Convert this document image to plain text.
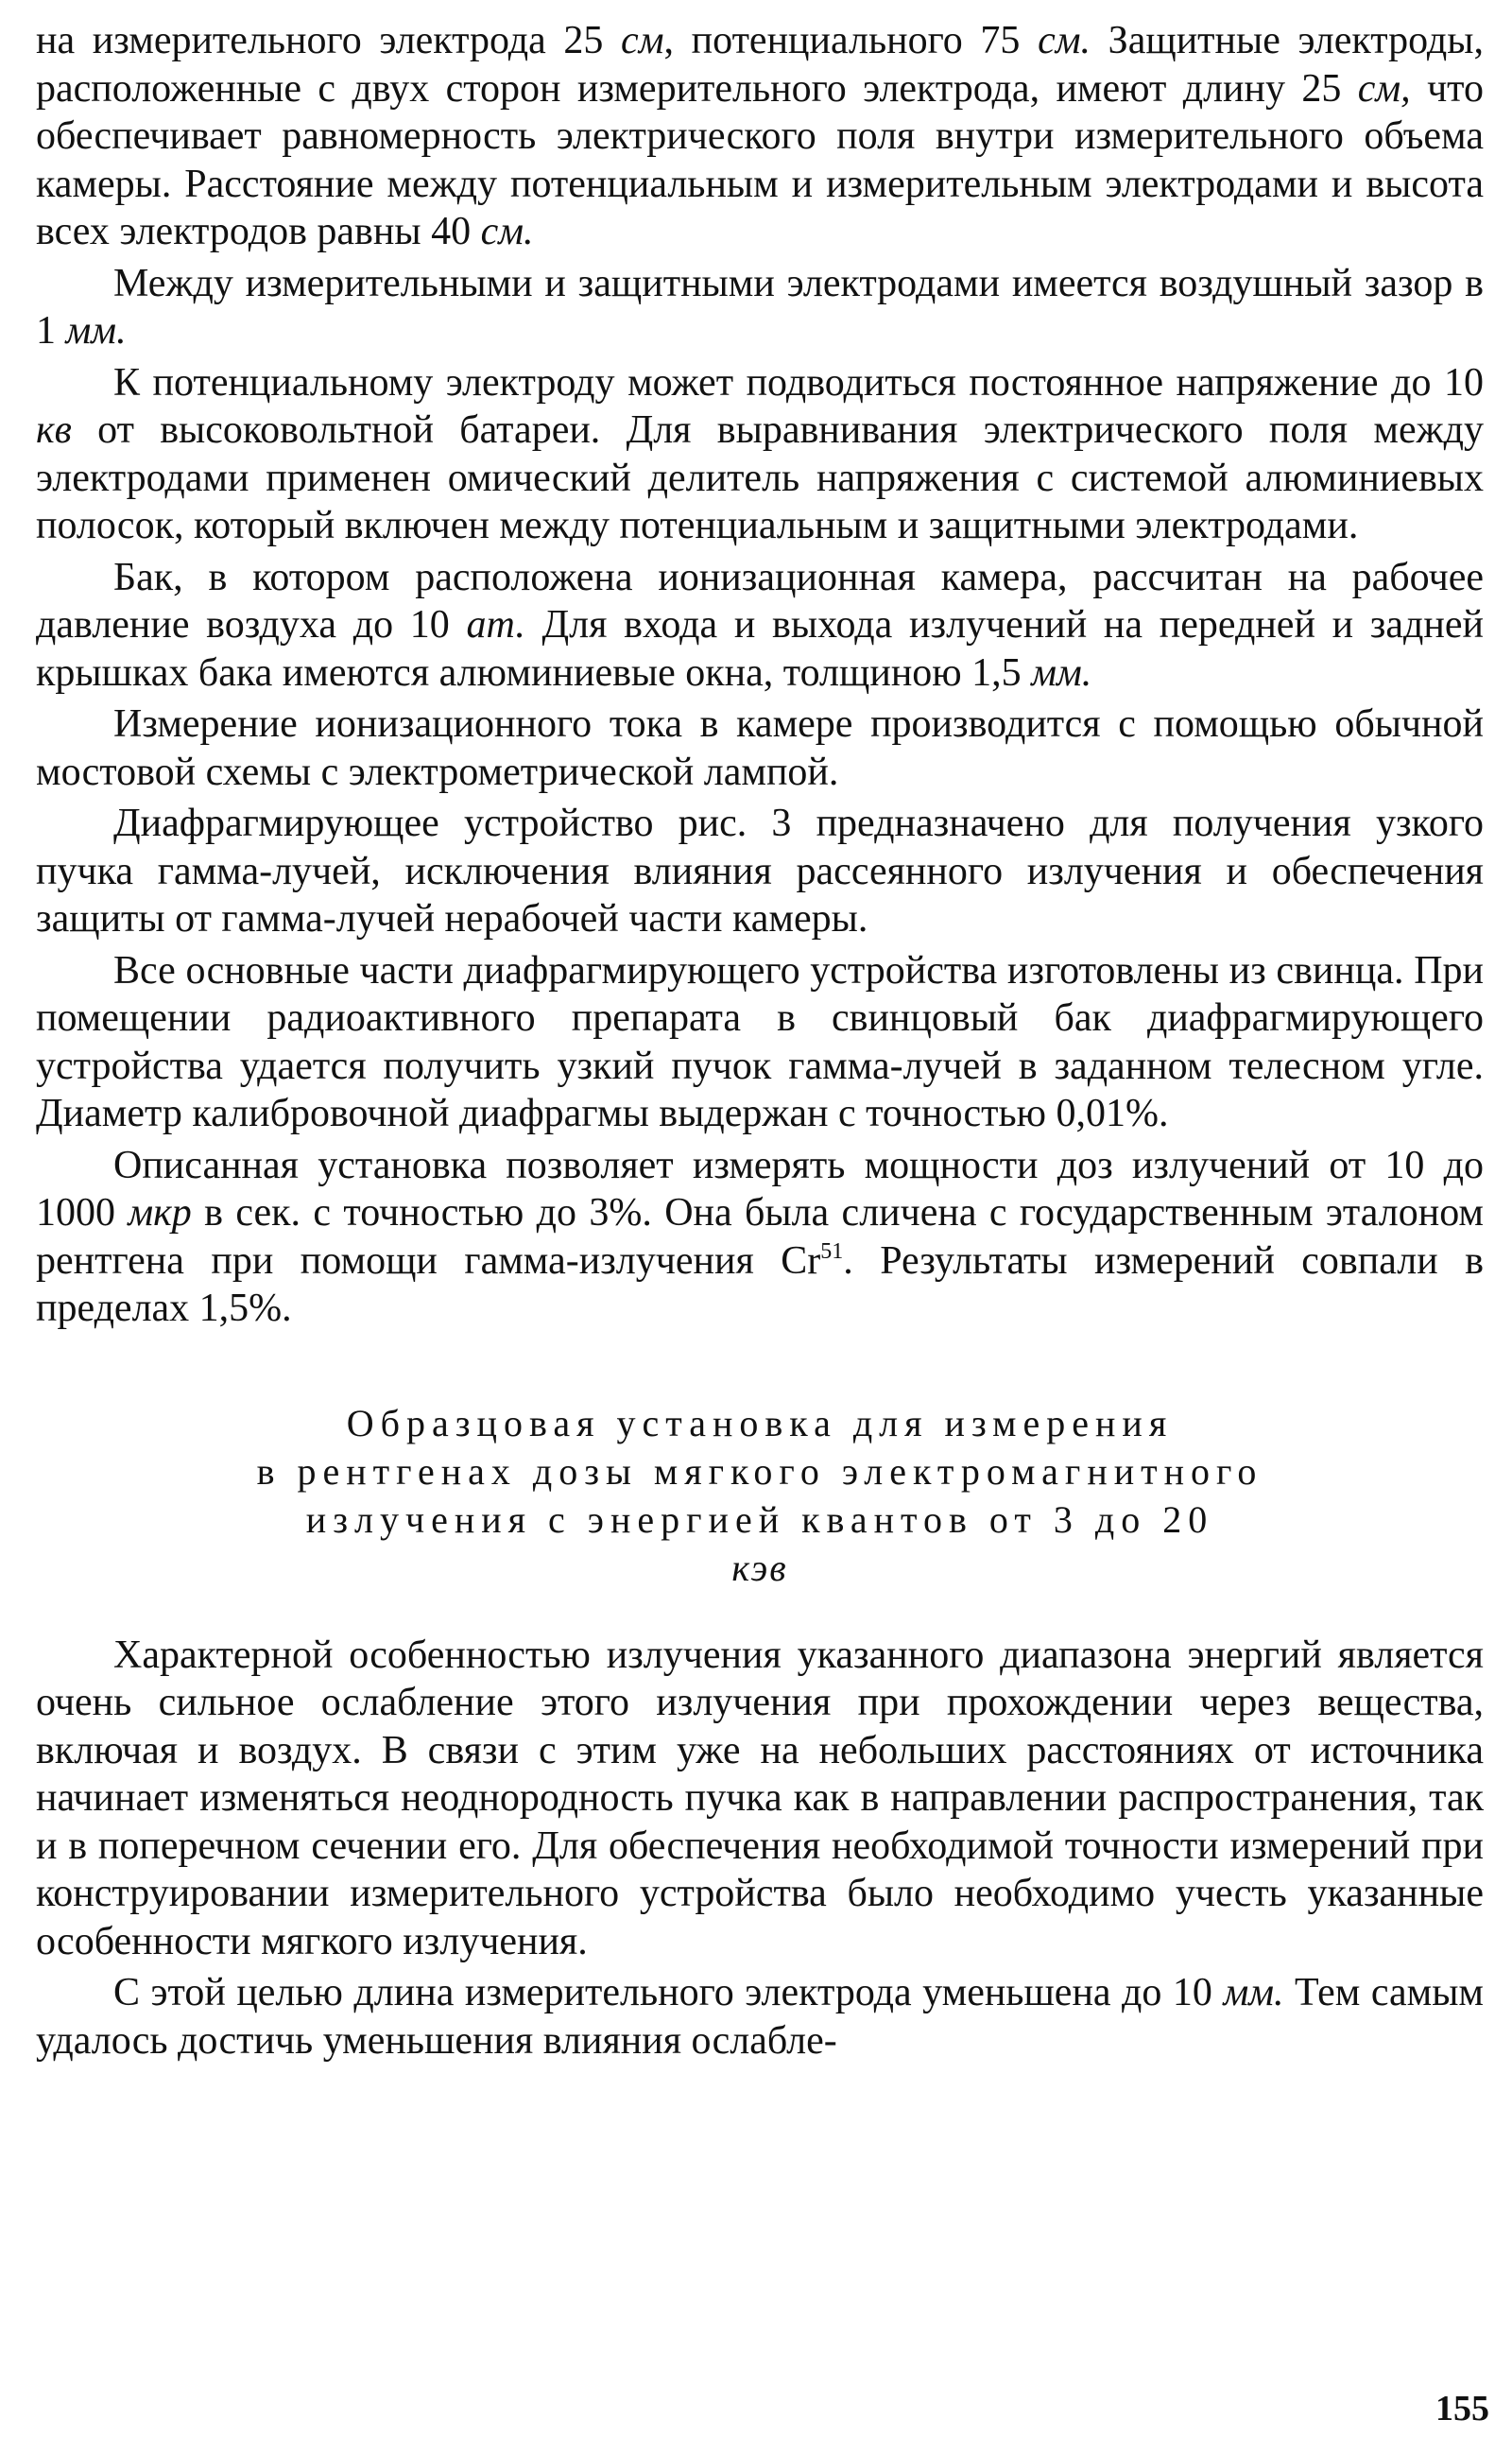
на измерительного электрода 25 см, потенциального 75 см. Защитные электроды, расположенные с двух сторон измерительного электрода, имеют длину 25 см, что обеспечивает равномерность электрического поля внутри измерительного объема камеры. Расстояние между потенциальным и измерительным электродами и высота всех электродов равны 40 см.

Между измерительными и защитными электродами имеется воздушный зазор в 1 мм.

К потенциальному электроду может подводиться постоянное напряжение до 10 кв от высоковольтной батареи. Для выравнивания электрического поля между электродами применен омический делитель напряжения с системой алюминиевых полосок, который включен между потенциальным и защитными электродами.

Бак, в котором расположена ионизационная камера, рассчитан на рабочее давление воздуха до 10 ат. Для входа и выхода излучений на передней и задней крышках бака имеются алюминиевые окна, толщиною 1,5 мм.

Измерение ионизационного тока в камере производится с помощью обычной мостовой схемы с электрометрической лампой.

Диафрагмирующее устройство рис. 3 предназначено для получения узкого пучка гамма-лучей, исключения влияния рассеянного излучения и обеспечения защиты от гамма-лучей нерабочей части камеры.

Все основные части диафрагмирующего устройства изготовлены из свинца. При помещении радиоактивного препарата в свинцовый бак диафрагмирующего устройства удается получить узкий пучок гамма-лучей в заданном телесном угле. Диаметр калибровочной диафрагмы выдержан с точностью 0,01%.

Описанная установка позволяет измерять мощности доз излучений от 10 до 1000 мкр в сек. с точностью до 3%. Она была сличена с государственным эталоном рентгена при помощи гамма-излучения Cr$^{51}$. Результаты измерений совпали в пределах 1,5%.

Образцовая установка для измерения
в рентгенах дозы мягкого электромагнитного
излучения с энергией квантов от 3 до 20
кэв

Характерной особенностью излучения указанного диапазона энергий является очень сильное ослабление этого излучения при прохождении через вещества, включая и воздух. В связи с этим уже на небольших расстояниях от источника начинает изменяться неоднородность пучка как в направлении распространения, так и в поперечном сечении его. Для обеспечения необходимой точности измерений при конструировании измерительного устройства было необходимо учесть указанные особенности мягкого излучения.

С этой целью длина измерительного электрода уменьшена до 10 мм. Тем самым удалось достичь уменьшения влияния ослабле-

155
